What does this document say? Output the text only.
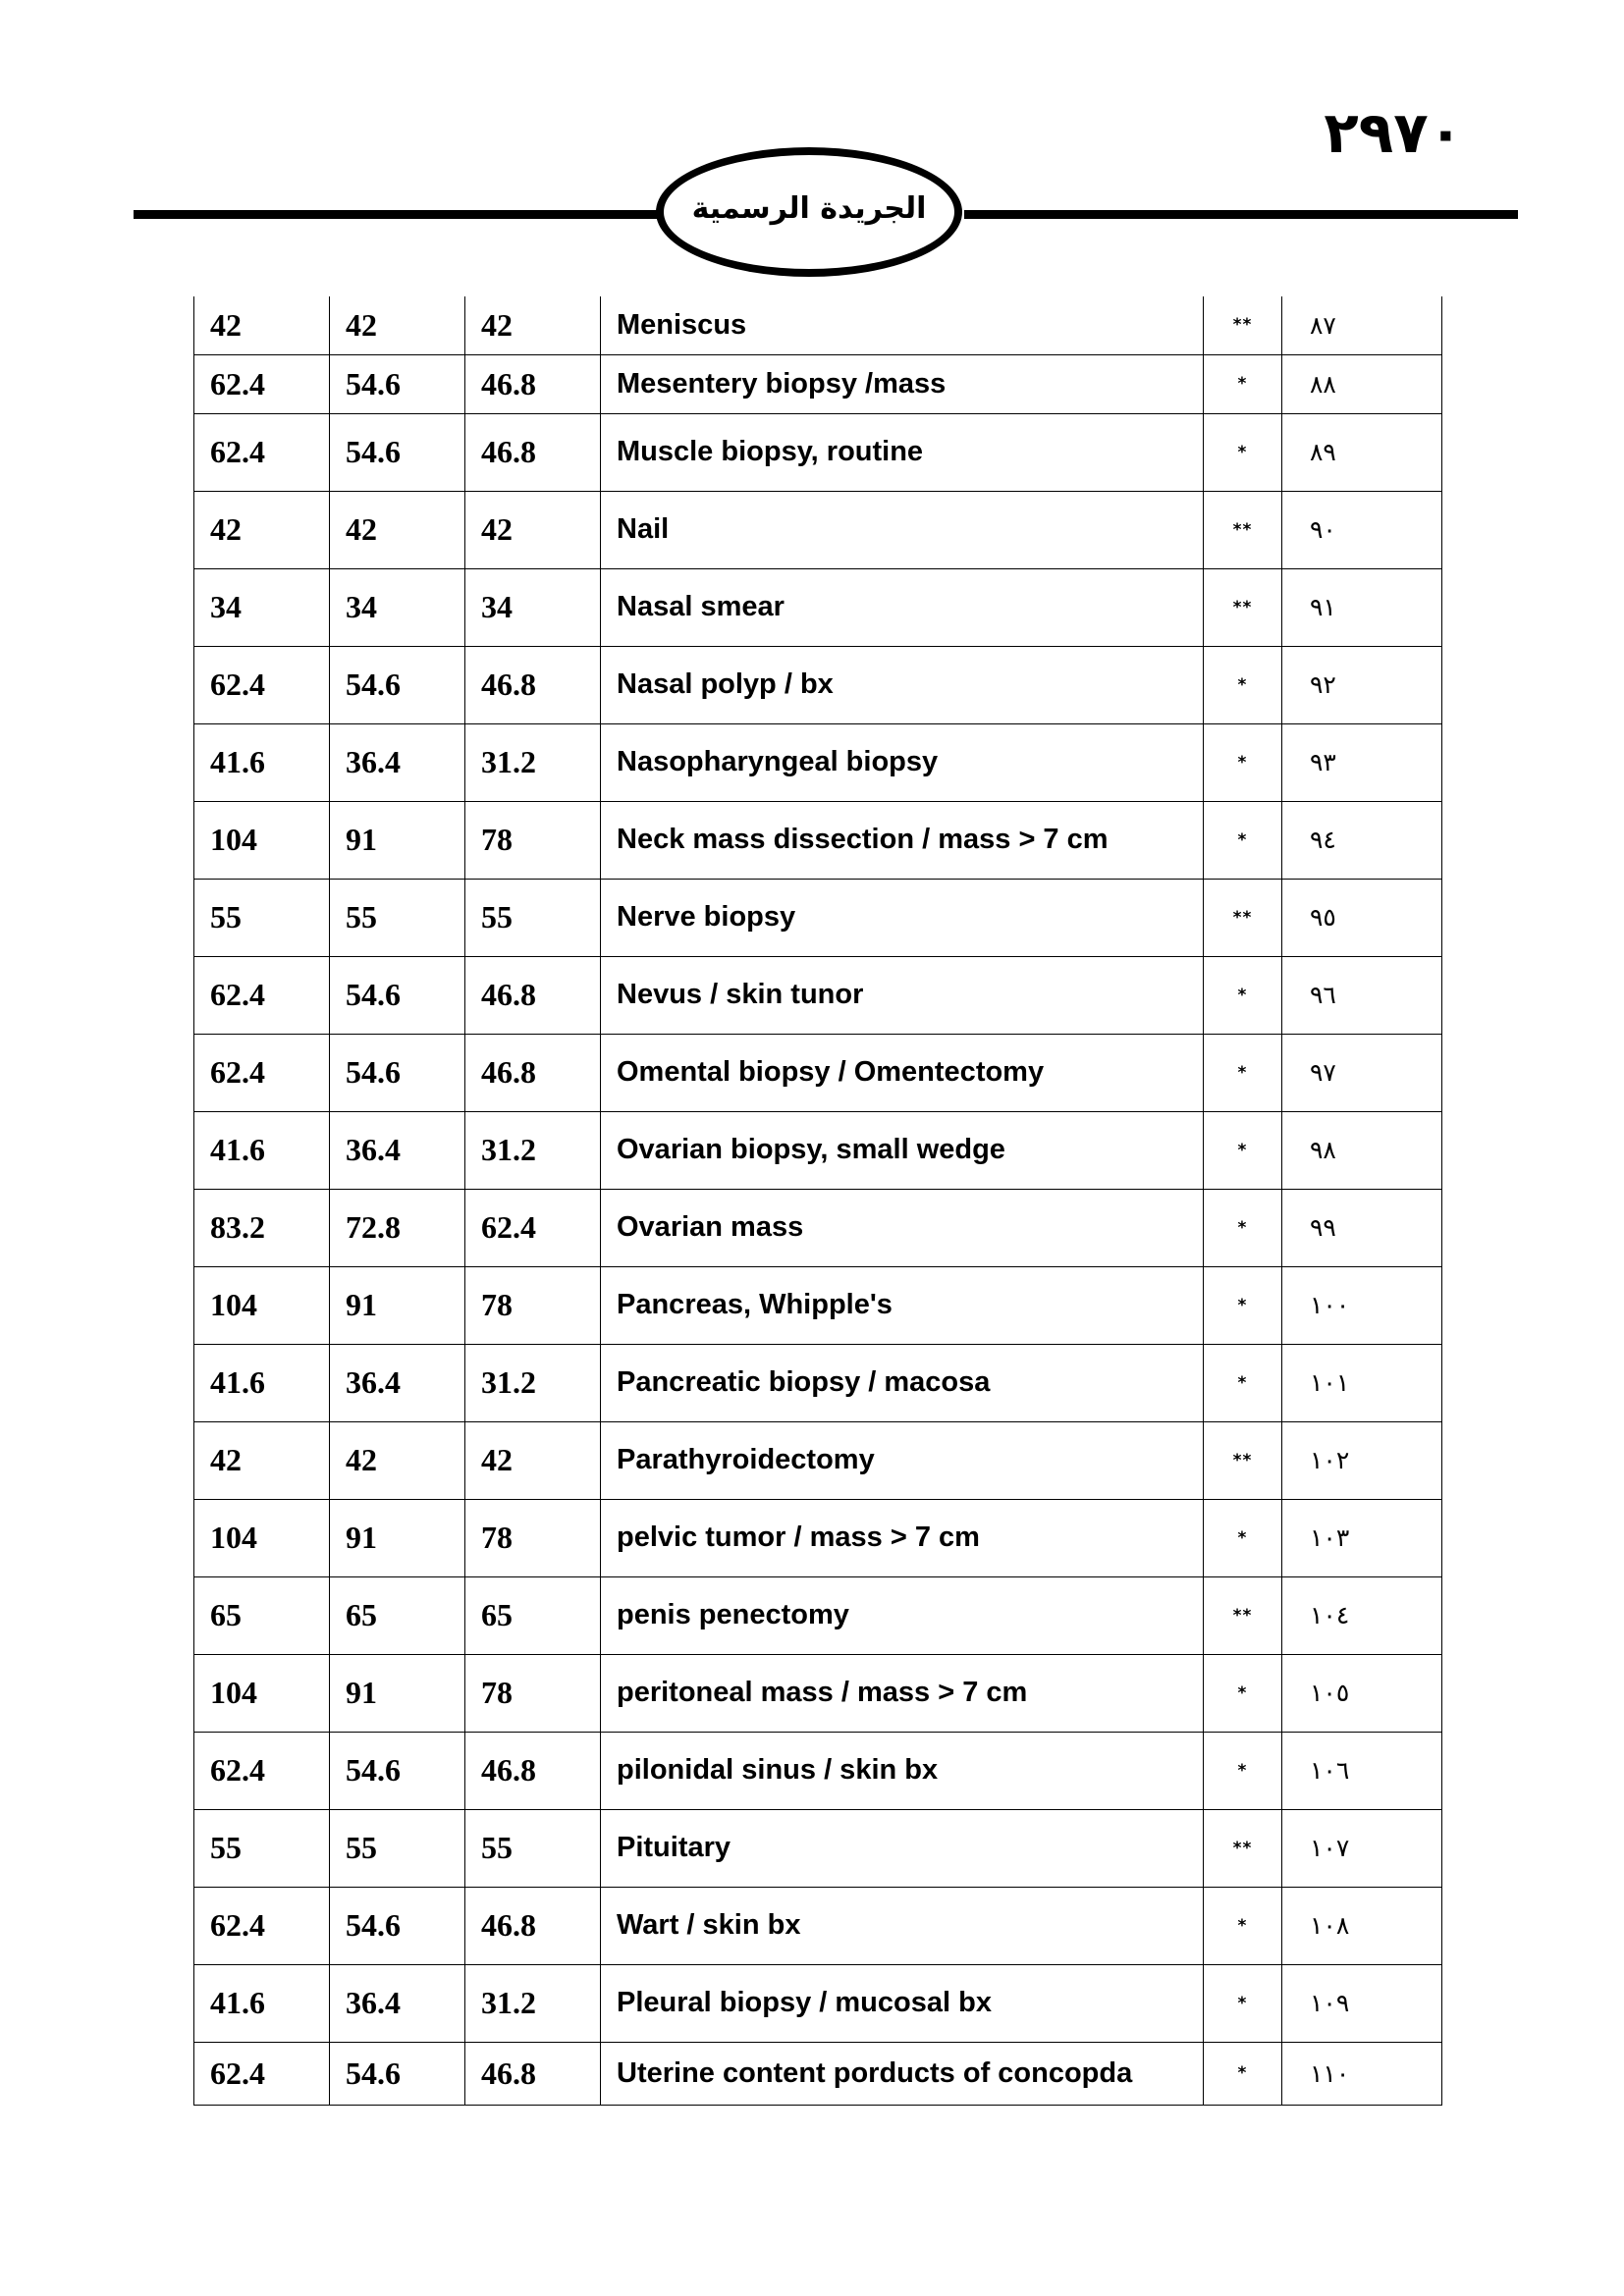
٢٩٧٠
الجريدة الرسمية
42	42	42	Meniscus	**	٨٧
62.4	54.6	46.8	Mesentery biopsy /mass	*	٨٨
62.4	54.6	46.8	Muscle biopsy, routine	*	٨٩
42	42	42	Nail	**	٩٠
34	34	34	Nasal smear	**	٩١
62.4	54.6	46.8	Nasal polyp / bx	*	٩٢
41.6	36.4	31.2	Nasopharyngeal biopsy	*	٩٣
104	91	78	Neck mass dissection / mass > 7 cm	*	٩٤
55	55	55	Nerve biopsy	**	٩٥
62.4	54.6	46.8	Nevus / skin tunor	*	٩٦
62.4	54.6	46.8	Omental biopsy / Omentectomy	*	٩٧
41.6	36.4	31.2	Ovarian biopsy, small wedge	*	٩٨
83.2	72.8	62.4	Ovarian mass	*	٩٩
104	91	78	Pancreas, Whipple's	*	١٠٠
41.6	36.4	31.2	Pancreatic biopsy / macosa	*	١٠١
42	42	42	Parathyroidectomy	**	١٠٢
104	91	78	pelvic tumor / mass > 7 cm	*	١٠٣
65	65	65	penis penectomy	**	١٠٤
104	91	78	peritoneal mass / mass > 7 cm	*	١٠٥
62.4	54.6	46.8	pilonidal sinus / skin bx	*	١٠٦
55	55	55	Pituitary	**	١٠٧
62.4	54.6	46.8	Wart / skin bx	*	١٠٨
41.6	36.4	31.2	Pleural biopsy / mucosal bx	*	١٠٩
62.4	54.6	46.8	Uterine content porducts of concopda	*	١١٠
